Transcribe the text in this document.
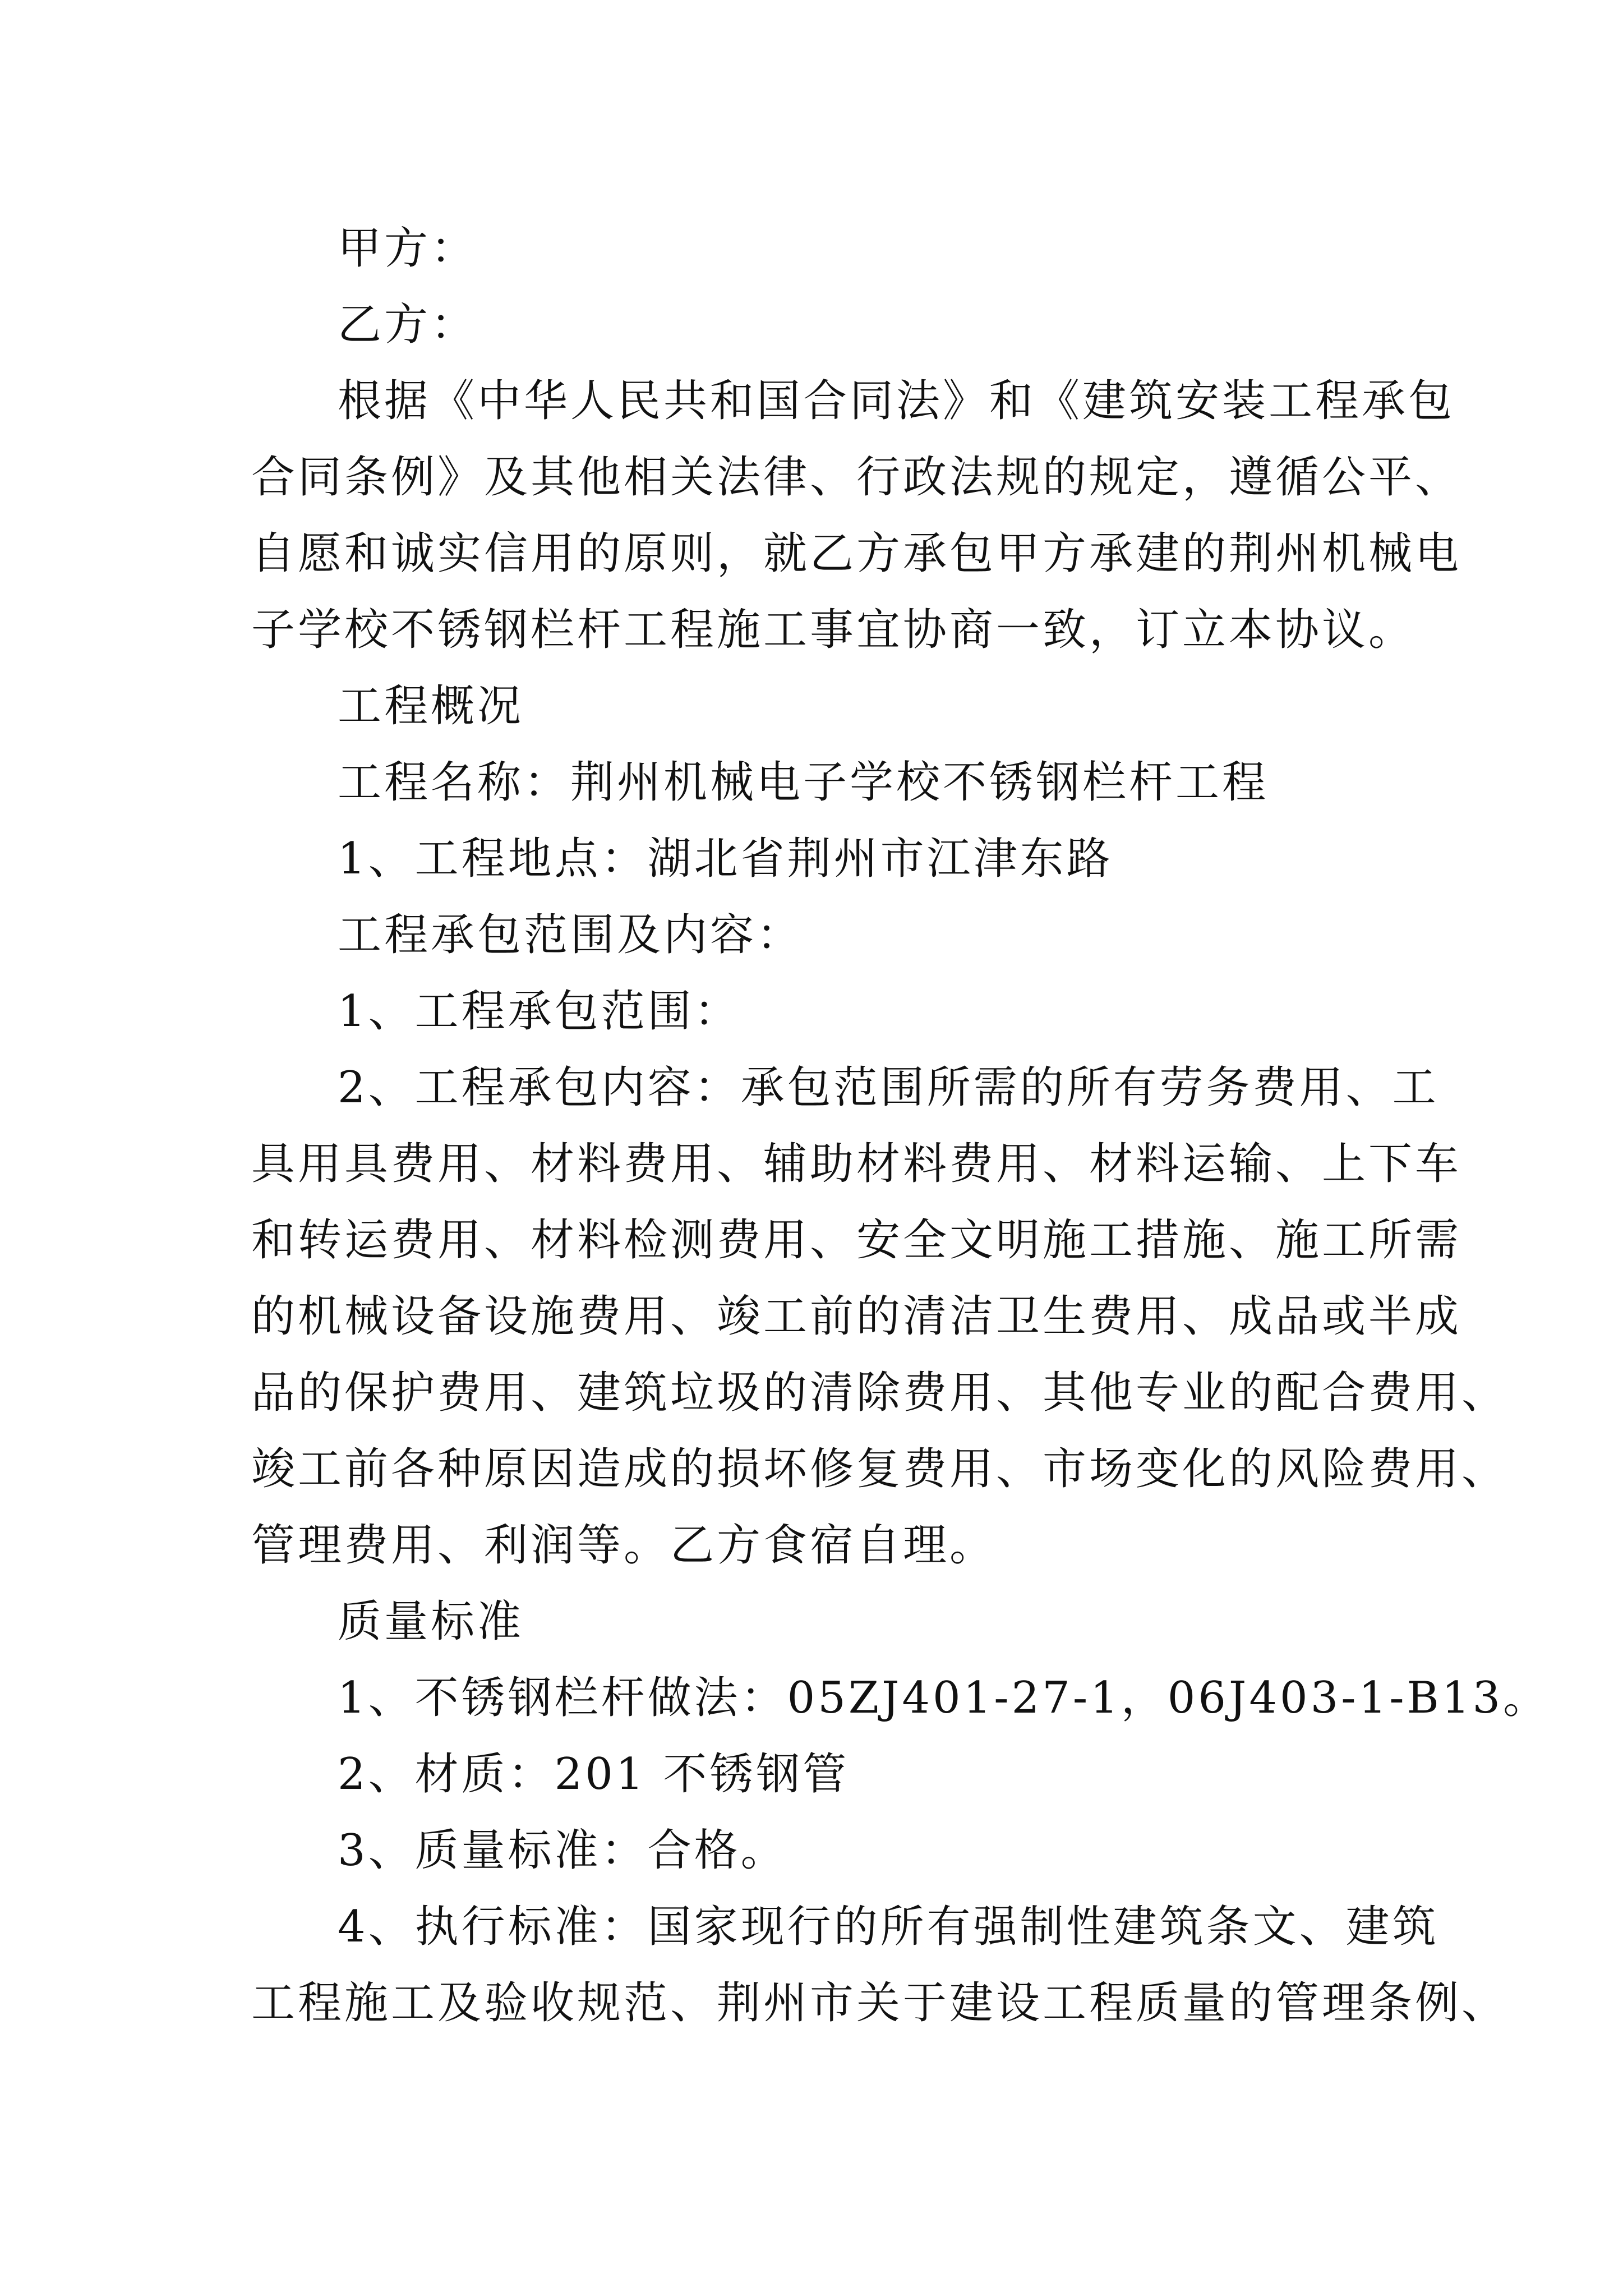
甲方：
乙方：
根据《中华人民共和国合同法》和《建筑安装工程承包
合同条例》及其他相关法律、行政法规的规定，遵循公平、
自愿和诚实信用的原则，就乙方承包甲方承建的荆州机械电
子学校不锈钢栏杆工程施工事宜协商一致，订立本协议。
工程概况
工程名称：荆州机械电子学校不锈钢栏杆工程
1、工程地点：湖北省荆州市江津东路
工程承包范围及内容：
1、工程承包范围：
2、工程承包内容：承包范围所需的所有劳务费用、工
具用具费用、材料费用、辅助材料费用、材料运输、上下车
和转运费用、材料检测费用、安全文明施工措施、施工所需
的机械设备设施费用、竣工前的清洁卫生费用、成品或半成
品的保护费用、建筑垃圾的清除费用、其他专业的配合费用、
竣工前各种原因造成的损坏修复费用、市场变化的风险费用、
管理费用、利润等。乙方食宿自理。
质量标准
1、不锈钢栏杆做法：05ZJ401-27-1，06J403-1-B13。
2、材质：201 不锈钢管
3、质量标准：合格。
4、执行标准：国家现行的所有强制性建筑条文、建筑
工程施工及验收规范、荆州市关于建设工程质量的管理条例、
